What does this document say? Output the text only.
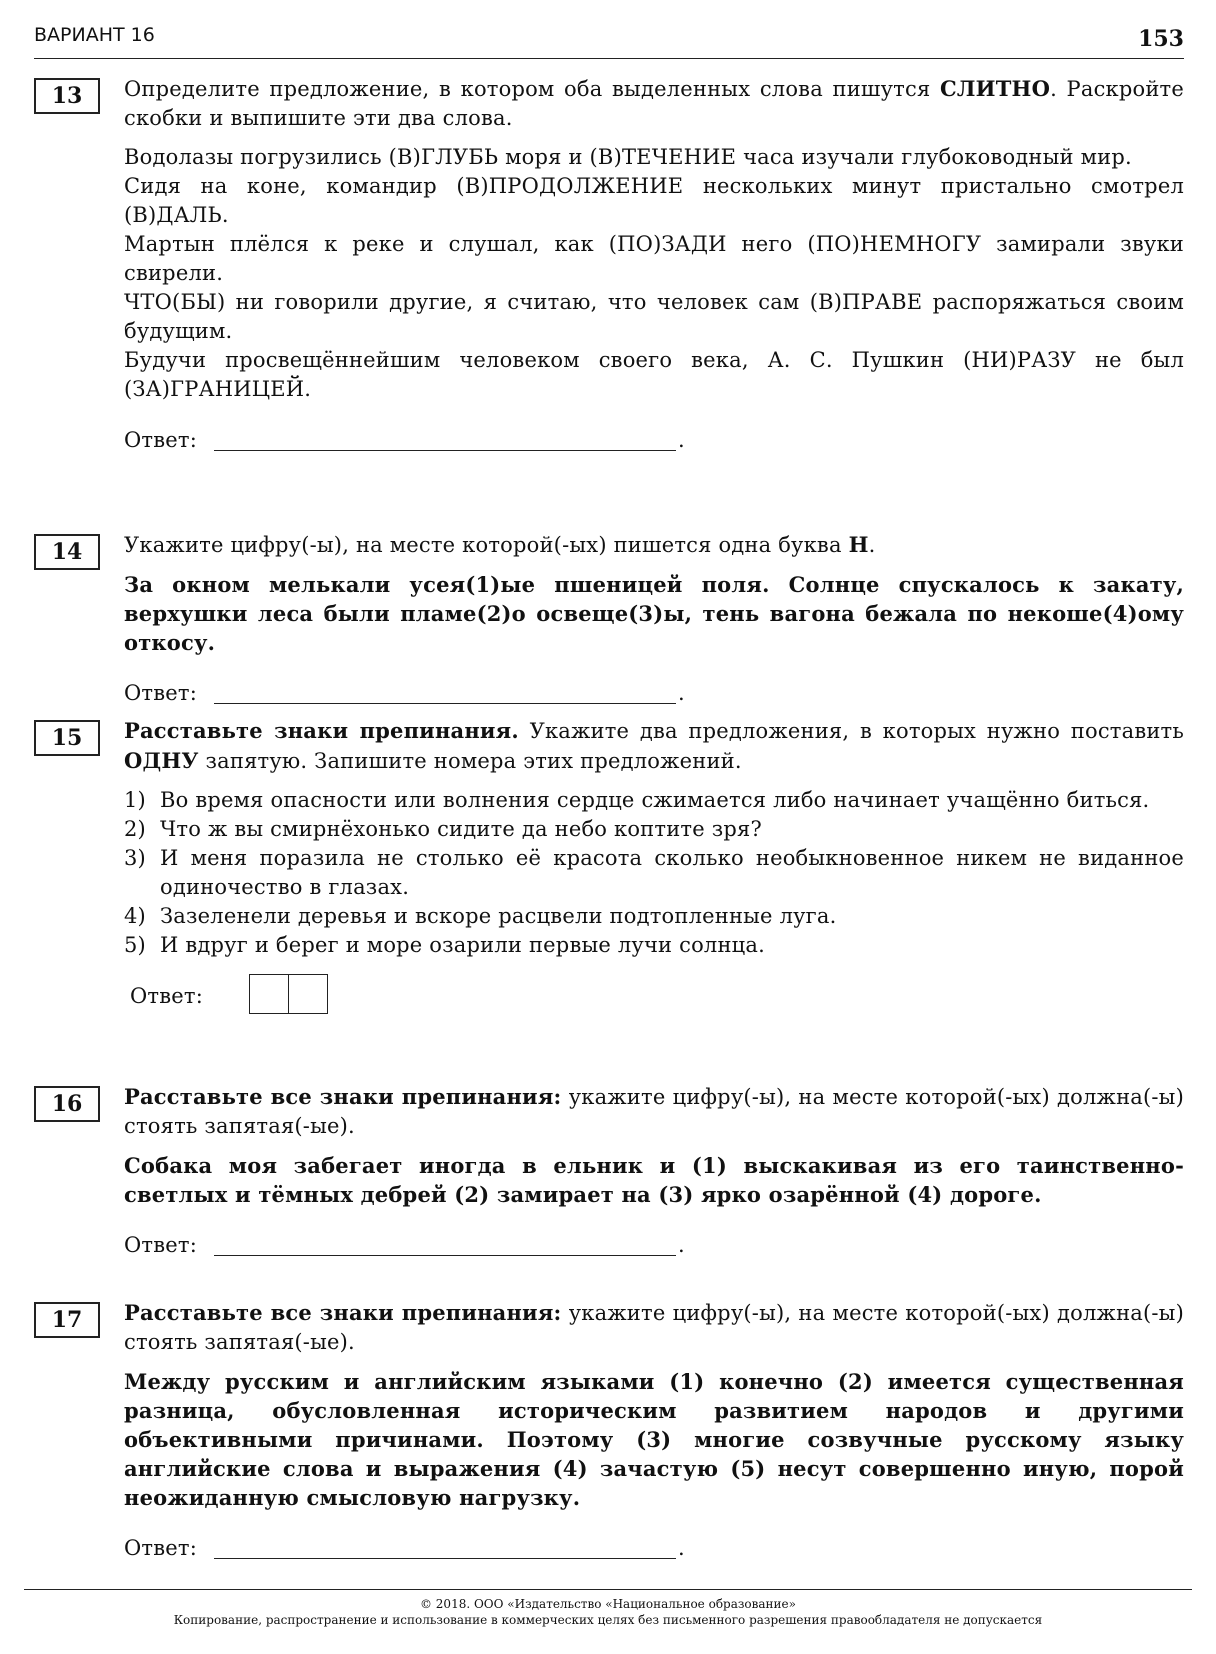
ВАРИАНТ 16	153
13	Определите предложение, в котором оба выделенных слова пишутся СЛИТНО. Раскройте скобки и выпишите эти два слова.

Водолазы погрузились (В)ГЛУБЬ моря и (В)ТЕЧЕНИЕ часа изучали глубоководный мир.

Сидя на коне, командир (В)ПРОДОЛЖЕНИЕ нескольких минут пристально смотрел (В)ДАЛЬ.

Мартын плёлся к реке и слушал, как (ПО)ЗАДИ него (ПО)НЕМНОГУ замирали звуки свирели.

ЧТО(БЫ) ни говорили другие, я считаю, что человек сам (В)ПРАВЕ распоряжаться своим будущим.

Будучи просвещённейшим человеком своего века, А. С. Пушкин (НИ)РАЗУ не был (ЗА)ГРАНИЦЕЙ.

Ответ:	.
14	Укажите цифру(-ы), на месте которой(-ых) пишется одна буква Н.

За окном мелькали усея(1)ые пшеницей поля. Солнце спускалось к закату, верхушки леса были пламе(2)о освеще(3)ы, тень вагона бежала по некоше(4)ому откосу.

Ответ:	.
15	Расставьте знаки препинания. Укажите два предложения, в которых нужно поставить ОДНУ запятую. Запишите номера этих предложений.

1) Во время опасности или волнения сердце сжимается либо начинает учащённо биться.
2) Что ж вы смирнёхонько сидите да небо коптите зря?
3) И меня поразила не столько её красота сколько необыкновенное никем не виданное одиночество в глазах.
4) Зазеленели деревья и вскоре расцвели подтопленные луга.
5) И вдруг и берег и море озарили первые лучи солнца.
Ответ:
16	Расставьте все знаки препинания: укажите цифру(-ы), на месте которой(-ых) должна(-ы) стоять запятая(-ые).

Собака моя забегает иногда в ельник и (1) выскакивая из его таинственно-светлых и тёмных дебрей (2) замирает на (3) ярко озарённой (4) дороге.

Ответ:	.
17	Расставьте все знаки препинания: укажите цифру(-ы), на месте которой(-ых) должна(-ы) стоять запятая(-ые).

Между русским и английским языками (1) конечно (2) имеется существенная разница, обусловленная историческим развитием народов и другими объективными причинами. Поэтому (3) многие созвучные русскому языку английские слова и выражения (4) зачастую (5) несут совершенно иную, порой неожиданную смысловую нагрузку.

Ответ:	.
© 2018. ООО «Издательство «Национальное образование»
Копирование, распространение и использование в коммерческих целях без письменного разрешения правообладателя не допускается
